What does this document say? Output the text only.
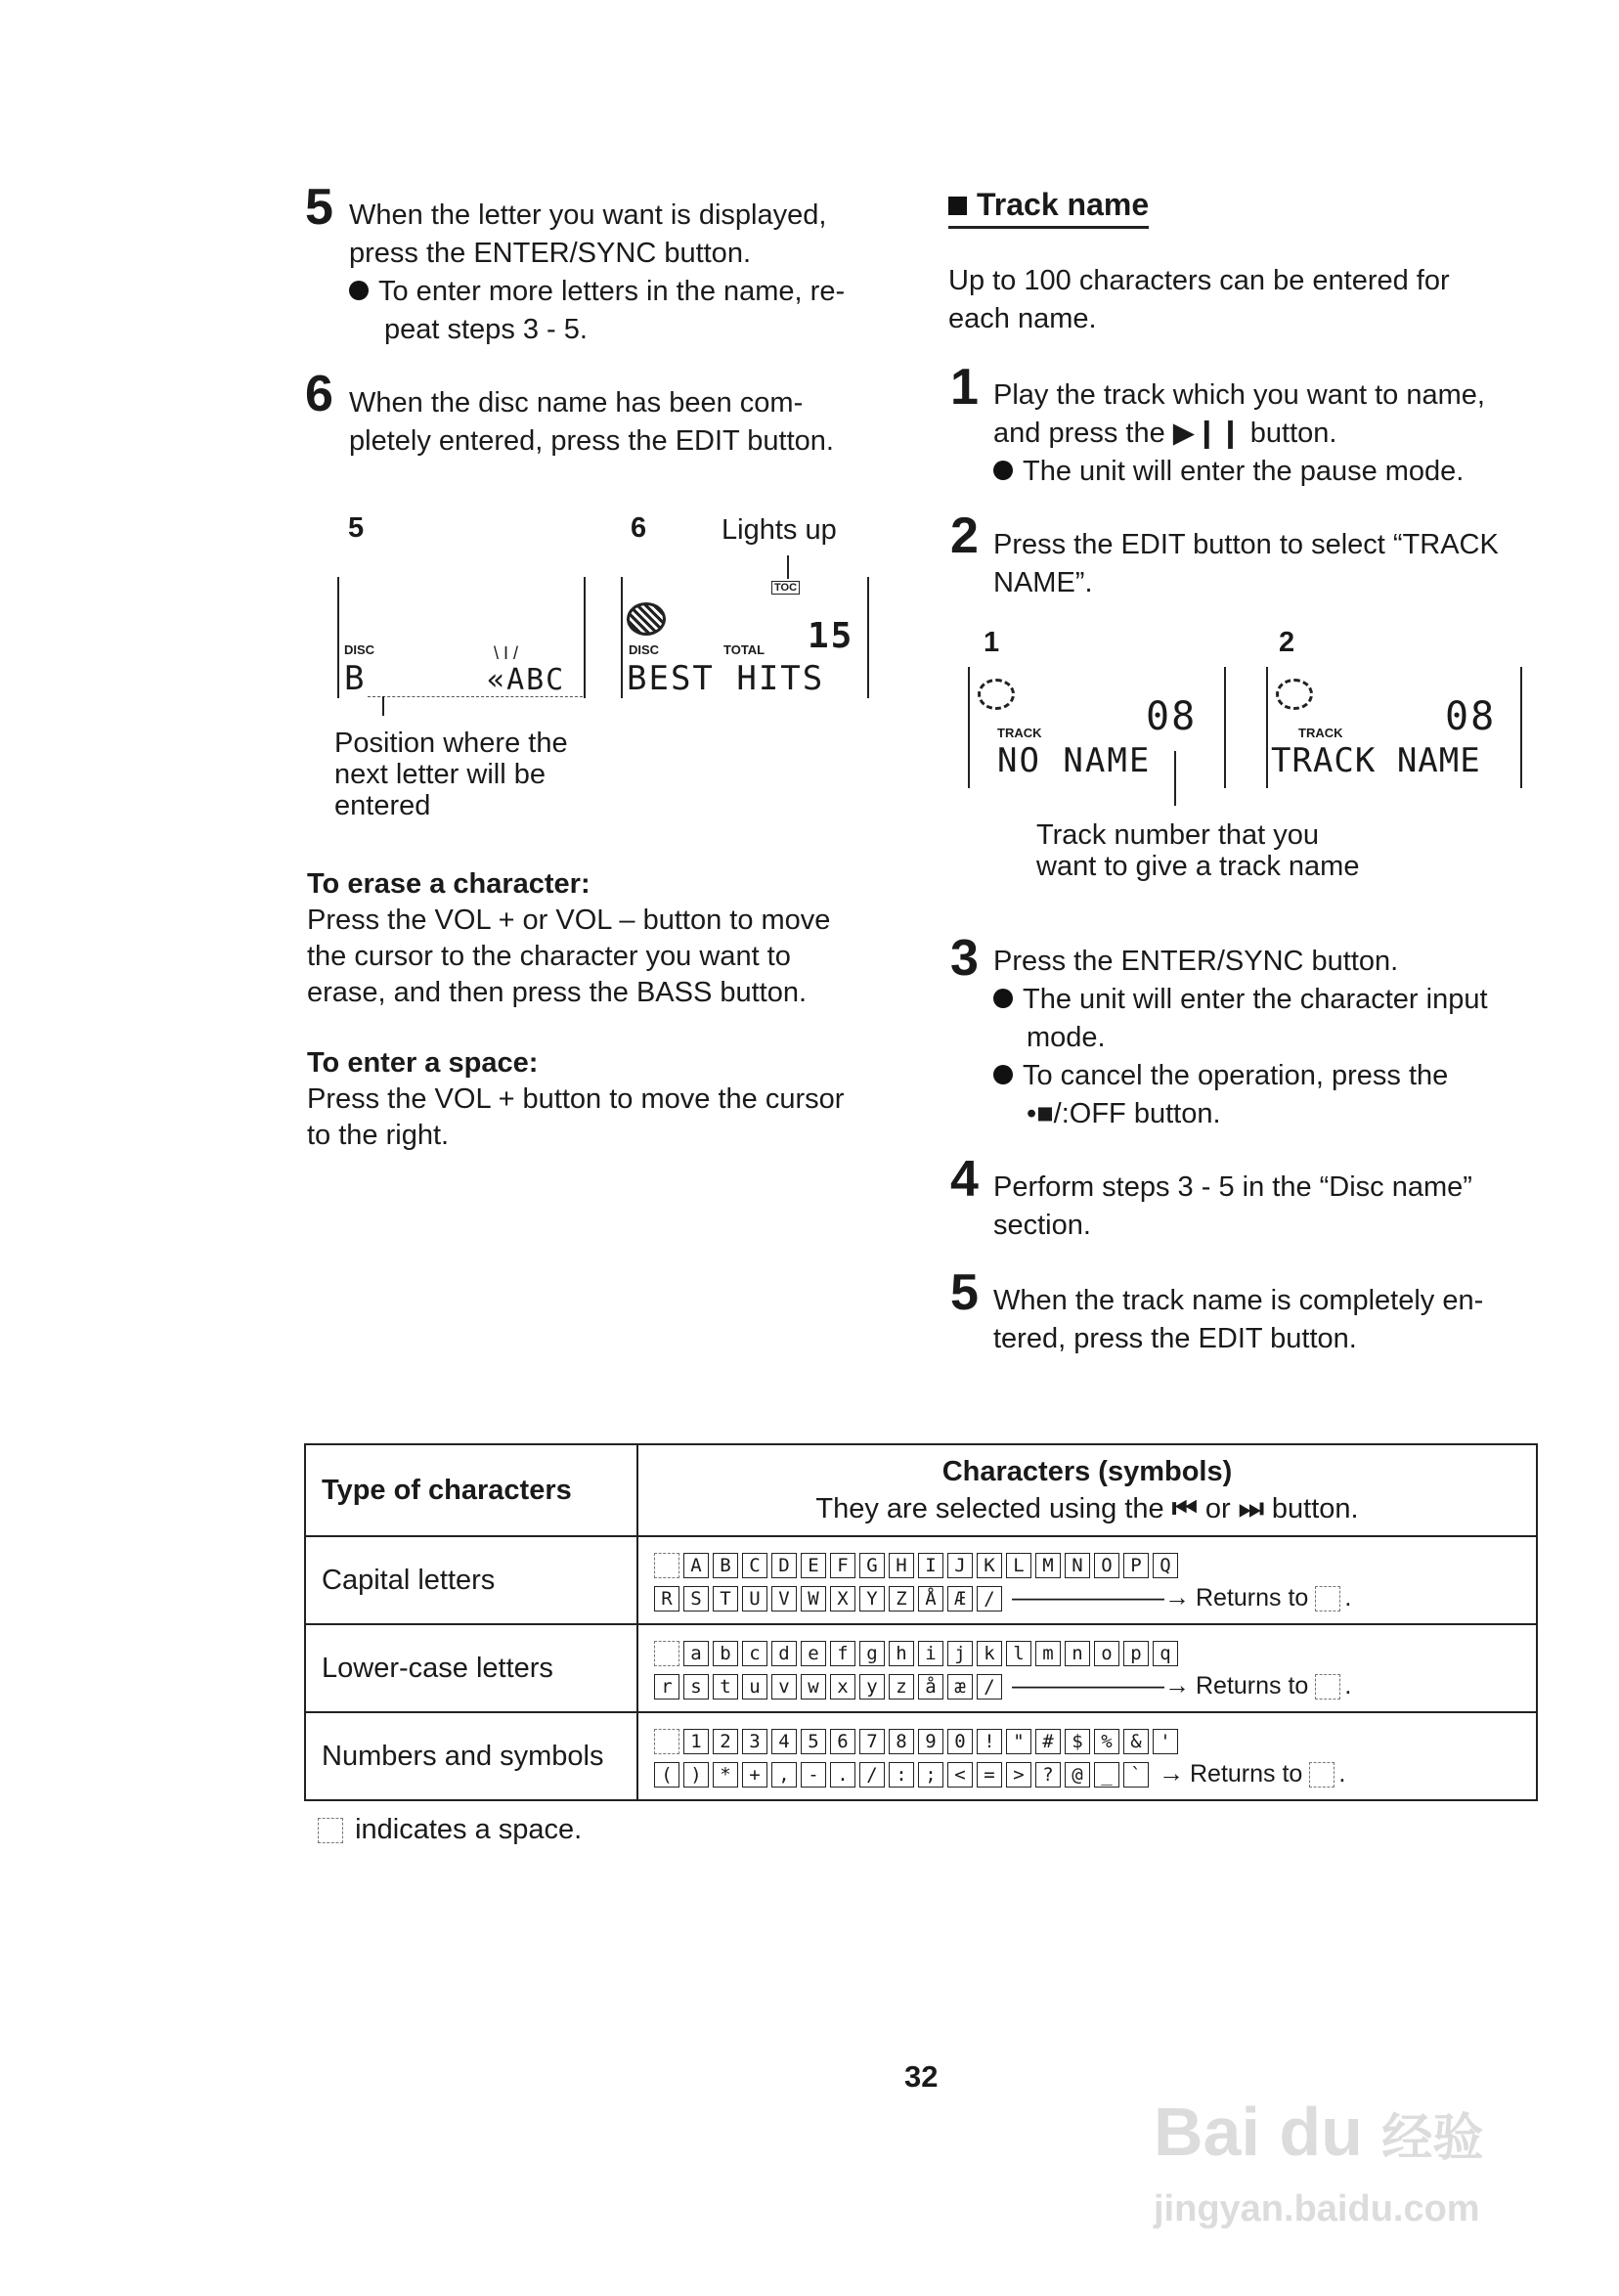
5 When the letter you want is displayed,
press the ENTER/SYNC button.
To enter more letters in the name, re-
peat steps 3 - 5.
6 When the disc name has been com-
pletely entered, press the EDIT button.
5	6	Lights up
TOC
DISC
B
\ I /
«ABC
DISC	TOTAL 15
BEST HITS
Position where the
next letter will be
entered
To erase a character:
Press the VOL + or VOL – button to move
the cursor to the character you want to
erase, and then press the BASS button.
To enter a space:
Press the VOL + button to move the cursor
to the right.
Track name
Up to 100 characters can be entered for
each name.
1 Play the track which you want to name,
and press the ▶❙❙ button.
The unit will enter the pause mode.
2 Press the EDIT button to select “TRACK
NAME”.
1	2
TRACK	08
NO NAME
TRACK	08
TRACK NAME
Track number that you
want to give a track name
3 Press the ENTER/SYNC button.
The unit will enter the character input
mode.
To cancel the operation, press the
•■/:OFF button.
4 Perform steps 3 - 5 in the “Disc name”
section.
5 When the track name is completely en-
tered, press the EDIT button.
Type of characters	Characters (symbols)
They are selected using the ⏮ or ⏭ button.

Capital letters	A B C D E F G H I J K L M N O P Q
R S T U V W X Y Z Å Æ / ——————→ Returns to .

Lower-case letters	a b c d e f g h i j k l m n o p q
r s t u v w x y z å æ / ——————→ Returns to .

Numbers and symbols	1 2 3 4 5 6 7 8 9 0 ! " # $ % & '
( ) * + , - . / : ; < = > ? @ _ ` → Returns to .
indicates a space.
32
Bai du 经验
jingyan.baidu.com
